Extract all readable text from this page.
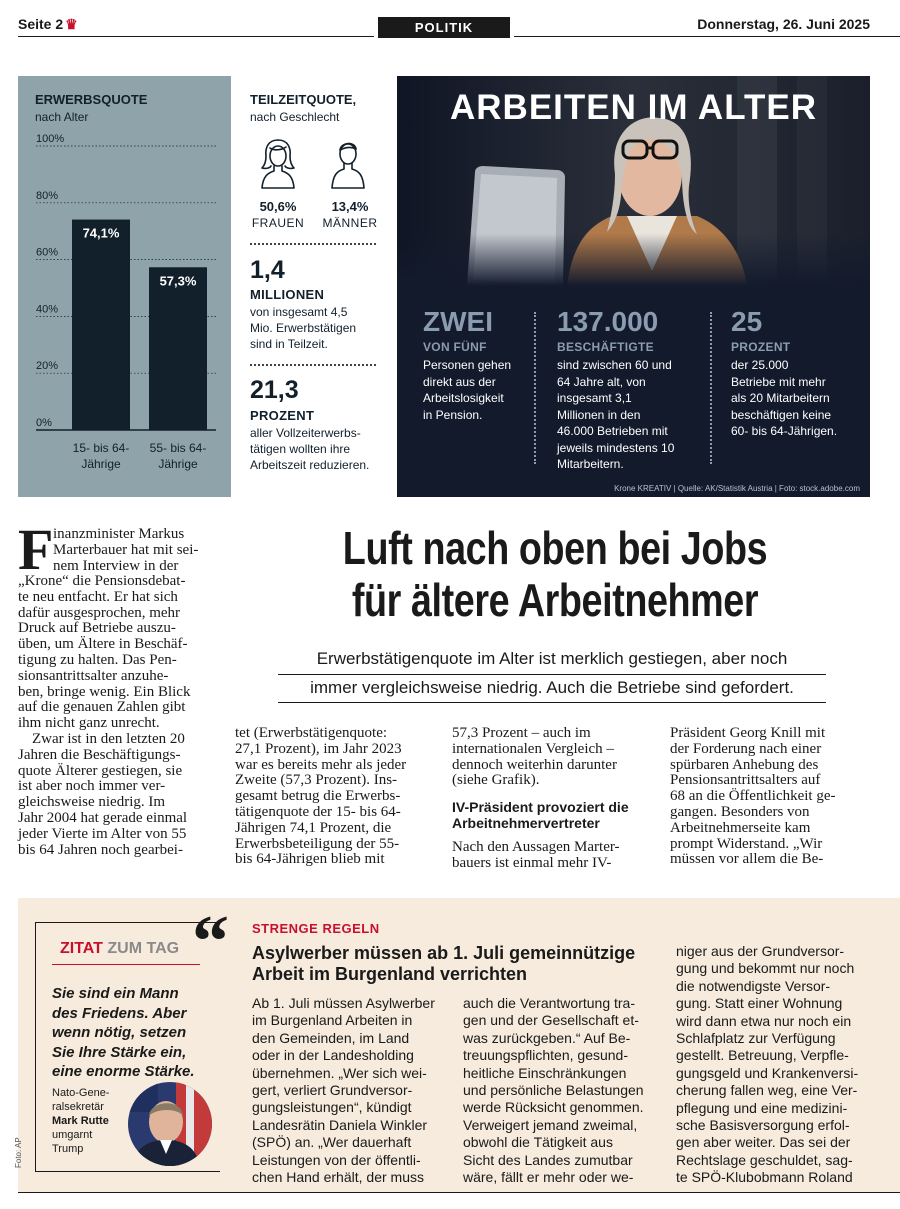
Seite 2 ♛	POLITIK	Donnerstag, 26. Juni 2025
ERWERBSQUOTE
nach Alter
0%
20%
40%
60%
80%
100%
74,1%
15- bis 64-
Jährige
57,3%
55- bis 64-
Jährige
TEILZEITQUOTE,
nach Geschlecht
50,6%
FRAUEN
13,4%
MÄNNER
1,4
MILLIONEN
von insgesamt 4,5
Mio. Erwerbstätigen
sind in Teilzeit.
21,3
PROZENT
aller Vollzeiterwerbs-
tätigen wollten ihre
Arbeitszeit reduzieren.
ARBEITEN IM ALTER
ZWEI
VON FÜNF
Personen gehen
direkt aus der
Arbeitslosigkeit
in Pension.
137.000
BESCHÄFTIGTE
sind zwischen 60 und
64 Jahre alt, von
insgesamt 3,1
Millionen in den
46.000 Betrieben mit
jeweils mindestens 10
Mitarbeitern.
25
PROZENT
der 25.000
Betriebe mit mehr
als 20 Mitarbeitern
beschäftigen keine
60- bis 64-Jährigen.
Krone KREATIV | Quelle: AK/Statistik Austria | Foto: stock.adobe.com
F inanzminister Markus
Marterbauer hat mit sei-
nem Interview in der
„Krone“ die Pensionsdebat-
te neu entfacht. Er hat sich
dafür ausgesprochen, mehr
Druck auf Betriebe auszu-
üben, um Ältere in Beschäf-
tigung zu halten. Das Pen-
sionsantrittsalter anzuhe-
ben, bringe wenig. Ein Blick
auf die genauen Zahlen gibt
ihm nicht ganz unrecht.
Zwar ist in den letzten 20
Jahren die Beschäftigungs-
quote Älterer gestiegen, sie
ist aber noch immer ver-
gleichsweise niedrig. Im
Jahr 2004 hat gerade einmal
jeder Vierte im Alter von 55
bis 64 Jahren noch gearbei-
Luft nach oben bei Jobs
für ältere Arbeitnehmer
Erwerbstätigenquote im Alter ist merklich gestiegen, aber noch
immer vergleichsweise niedrig. Auch die Betriebe sind gefordert.
tet (Erwerbstätigenquote:
27,1 Prozent), im Jahr 2023
war es bereits mehr als jeder
Zweite (57,3 Prozent). Ins-
gesamt betrug die Erwerbs-
tätigenquote der 15- bis 64-
Jährigen 74,1 Prozent, die
Erwerbsbeteiligung der 55-
bis 64-Jährigen blieb mit
57,3 Prozent – auch im
internationalen Vergleich –
dennoch weiterhin darunter
(siehe Grafik).
IV-Präsident provoziert die
Arbeitnehmervertreter
Nach den Aussagen Marter-
bauers ist einmal mehr IV-
Präsident Georg Knill mit
der Forderung nach einer
spürbaren Anhebung des
Pensionsantrittsalters auf
68 an die Öffentlichkeit ge-
gangen. Besonders von
Arbeitnehmerseite kam
prompt Widerstand. „Wir
müssen vor allem die Be-
ZITAT ZUM TAG “
Sie sind ein Mann
des Friedens. Aber
wenn nötig, setzen
Sie Ihre Stärke ein,
eine enorme Stärke.
Nato-Gene-
ralsekretär
Mark Rutte
umgarnt
Trump
Foto: AP
STRENGE REGELN
Asylwerber müssen ab 1. Juli gemeinnützige
Arbeit im Burgenland verrichten
Ab 1. Juli müssen Asylwerber
im Burgenland Arbeiten in
den Gemeinden, im Land
oder in der Landesholding
übernehmen. „Wer sich wei-
gert, verliert Grundversor-
gungsleistungen“, kündigt
Landesrätin Daniela Winkler
(SPÖ) an. „Wer dauerhaft
Leistungen von der öffentli-
chen Hand erhält, der muss
auch die Verantwortung tra-
gen und der Gesellschaft et-
was zurückgeben.“ Auf Be-
treuungspflichten, gesund-
heitliche Einschränkungen
und persönliche Belastungen
werde Rücksicht genommen.
Verweigert jemand zweimal,
obwohl die Tätigkeit aus
Sicht des Landes zumutbar
wäre, fällt er mehr oder we-
niger aus der Grundversor-
gung und bekommt nur noch
die notwendigste Versor-
gung. Statt einer Wohnung
wird dann etwa nur noch ein
Schlafplatz zur Verfügung
gestellt. Betreuung, Verpfle-
gungsgeld und Krankenversi-
cherung fallen weg, eine Ver-
pflegung und eine medizini-
sche Basisversorgung erfol-
gen aber weiter. Das sei der
Rechtslage geschuldet, sag-
te SPÖ-Klubobmann Roland
